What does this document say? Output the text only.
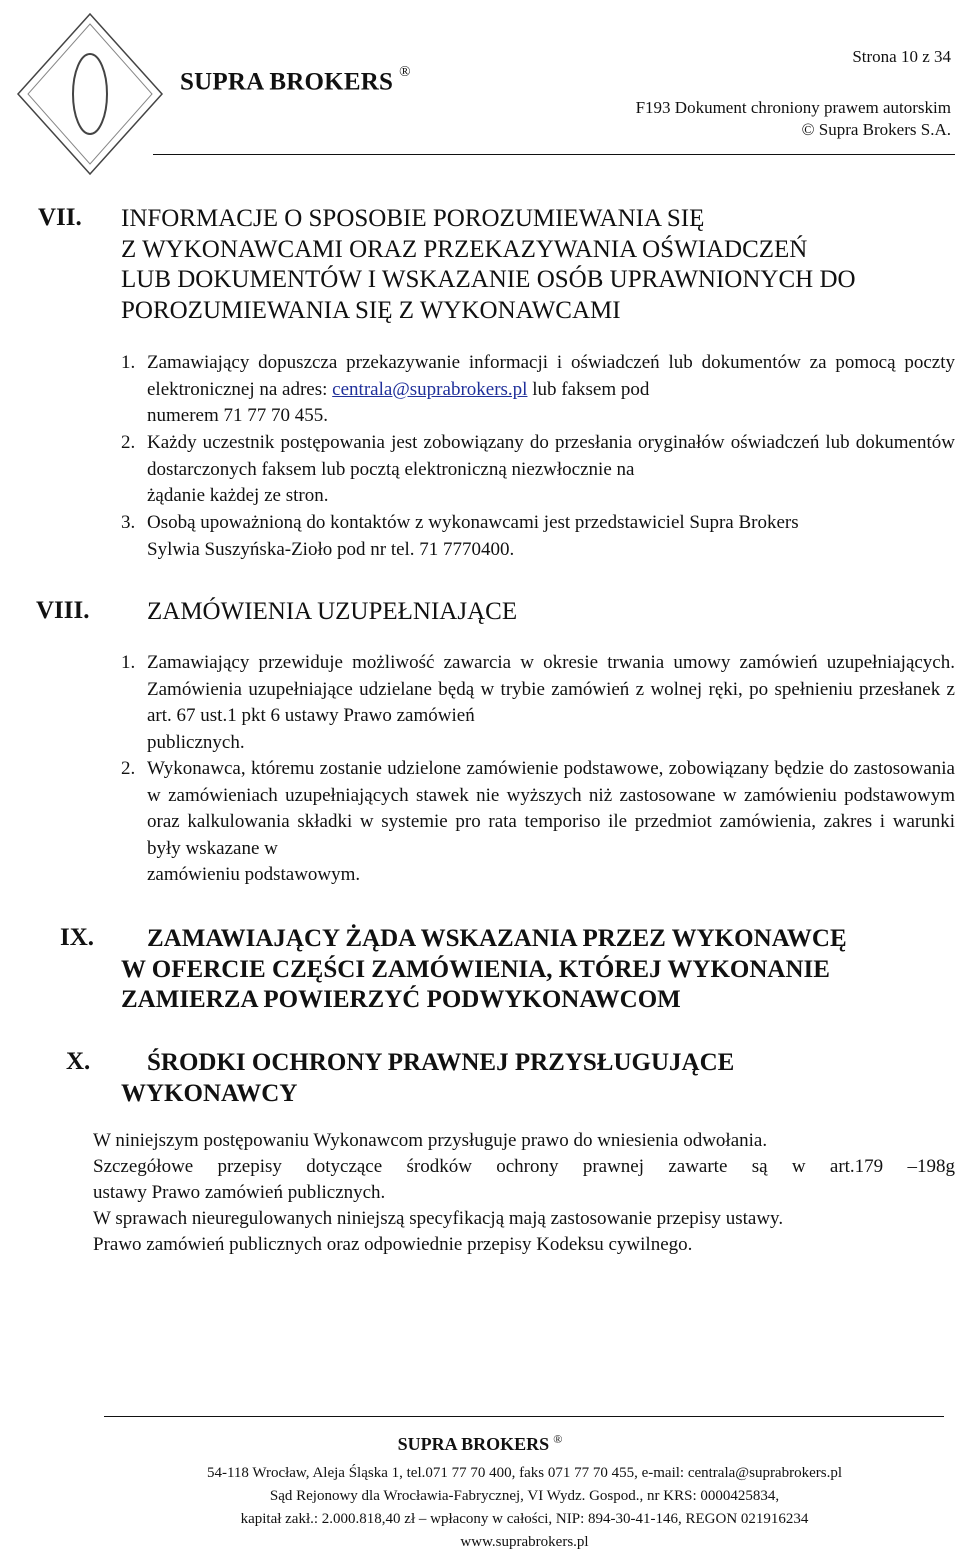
Strona 10 z 34
SUPRA BROKERS ®
F193 Dokument chroniony prawem autorskim
© Supra Brokers S.A.
VII. INFORMACJE O SPOSOBIE POROZUMIEWANIA SIĘ
Z WYKONAWCAMI ORAZ PRZEKAZYWANIA OŚWIADCZEŃ
LUB DOKUMENTÓW I WSKAZANIE OSÓB UPRAWNIONYCH DO
POROZUMIEWANIA SIĘ Z WYKONAWCAMI
1. Zamawiający dopuszcza przekazywanie informacji i oświadczeń lub dokumentów za pomocą poczty elektronicznej na adres: centrala@suprabrokers.pl lub faksem pod
numerem 71 77 70 455.
2. Każdy uczestnik postępowania jest zobowiązany do przesłania oryginałów oświadczeń lub dokumentów dostarczonych faksem lub pocztą elektroniczną niezwłocznie na
żądanie każdej ze stron.
3. Osobą upoważnioną do kontaktów z wykonawcami jest przedstawiciel Supra Brokers
Sylwia Suszyńska-Zioło pod nr tel. 71 7770400.
VIII. ZAMÓWIENIA UZUPEŁNIAJĄCE
1. Zamawiający przewiduje możliwość zawarcia w okresie trwania umowy zamówień uzupełniających. Zamówienia uzupełniające udzielane będą w trybie zamówień z wolnej ręki, po spełnieniu przesłanek z art. 67 ust.1 pkt 6 ustawy Prawo zamówień
publicznych.
2. Wykonawca, któremu zostanie udzielone zamówienie podstawowe, zobowiązany będzie do zastosowania w zamówieniach uzupełniających stawek nie wyższych niż zastosowane w zamówieniu podstawowym oraz kalkulowania składki w systemie pro rata temporiso ile przedmiot zamówienia, zakres i warunki były wskazane w
zamówieniu podstawowym.
IX.	ZAMAWIAJĄCY ŻĄDA WSKAZANIA PRZEZ WYKONAWCĘ
W OFERCIE CZĘŚCI ZAMÓWIENIA, KTÓREJ WYKONANIE
ZAMIERZA POWIERZYĆ PODWYKONAWCOM
X.	ŚRODKI OCHRONY PRAWNEJ PRZYSŁUGUJĄCE
WYKONAWCY
W niniejszym postępowaniu Wykonawcom przysługuje prawo do wniesienia odwołania.
Szczegółowe przepisy dotyczące środków ochrony prawnej zawarte są w art.179 –198g
ustawy Prawo zamówień publicznych.
W sprawach nieuregulowanych niniejszą specyfikacją mają zastosowanie przepisy ustawy.
Prawo zamówień publicznych oraz odpowiednie przepisy Kodeksu cywilnego.
SUPRA BROKERS ®
54-118 Wrocław, Aleja Śląska 1, tel.071 77 70 400, faks 071 77 70 455, e-mail: centrala@suprabrokers.pl
Sąd Rejonowy dla Wrocławia-Fabrycznej, VI Wydz. Gospod., nr KRS: 0000425834,
kapitał zakł.: 2.000.818,40 zł – wpłacony w całości, NIP: 894-30-41-146, REGON 021916234
www.suprabrokers.pl
